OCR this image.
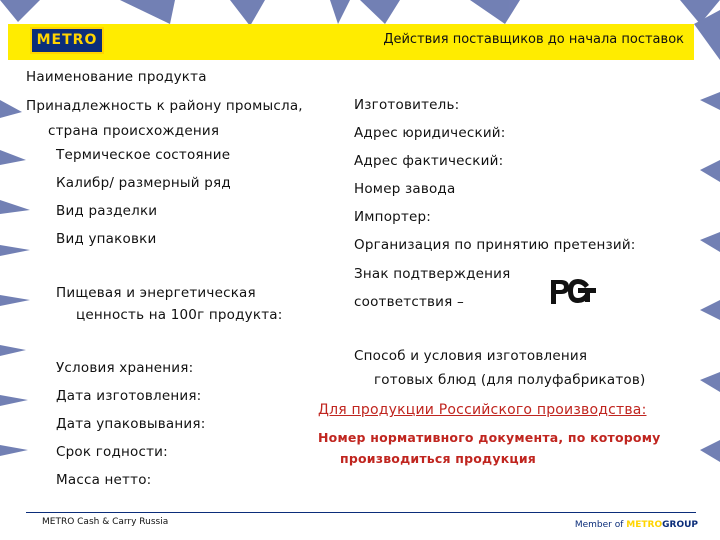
METRO	Действия поставщиков до начала поставок
Наименование продукта
Принадлежность к району промысла,
страна происхождения
Термическое состояние
Калибр/ размерный ряд
Вид разделки
Вид упаковки
Пищевая и энергетическая
ценность на 100г продукта:
Условия хранения:
Дата изготовления:
Дата упаковывания:
Срок годности:
Масса нетто:
Изготовитель:
Адрес юридический:
Адрес фактический:
Номер завода
Импортер:
Организация по принятию претензий:
Знак подтверждения
соответствия –
Способ и условия изготовления
готовых блюд (для полуфабрикатов)
Для продукции Российского производства:
Номер нормативного документа, по которому
производиться продукция
METRO Cash & Carry Russia	Member of METROGROUP
